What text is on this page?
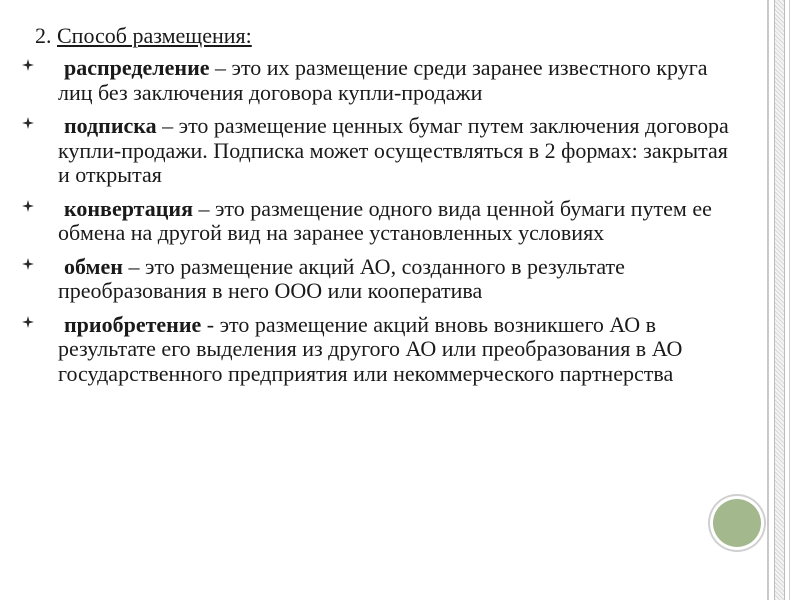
2. Способ размещения:
распределение – это их размещение среди заранее известного круга лиц без заключения договора купли-продажи
подписка – это размещение ценных бумаг путем заключения договора купли-продажи. Подписка может осуществляться в 2 формах: закрытая и открытая
конвертация – это размещение одного вида ценной бумаги путем ее обмена на другой вид на заранее установленных условиях
обмен – это размещение акций АО, созданного в результате преобразования в него ООО или кооператива
приобретение - это размещение акций вновь возникшего АО в результате его выделения из другого АО или преобразования в АО государственного предприятия или некоммерческого партнерства
